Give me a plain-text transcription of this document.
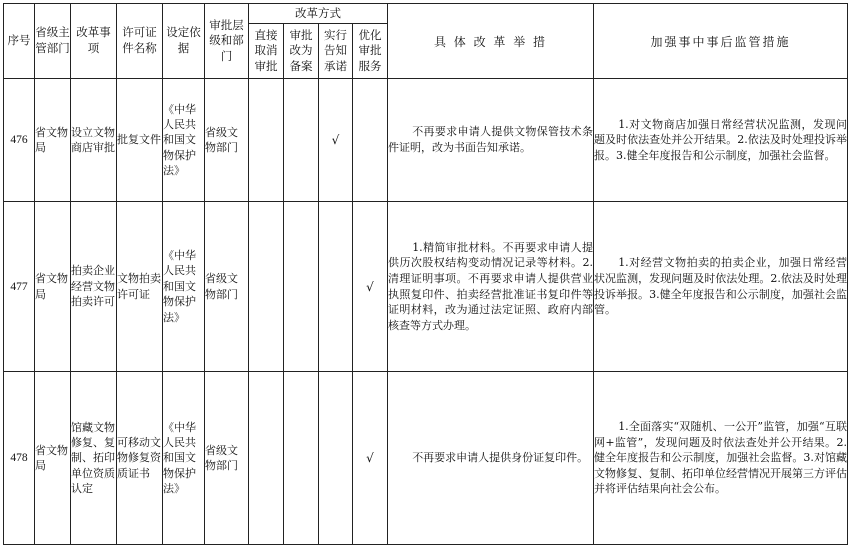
序号	省级主管部门	改革事项	许可证件名称	设定依据	审批层级和部门	改革方式				具 体 改 革 举 措	加强事中事后监管措施
						直接取消审批	审批改为备案	实行告知承诺	优化审批服务		
476	省文物局	设立文物商店审批	批复文件	《中华人民共和国文物保护法》	省级文物部门			√		不再要求申请人提供文物保管技术条件证明，改为书面告知承诺。	1.对文物商店加强日常经营状况监测，发现问题及时依法查处并公开结果。2.依法及时处理投诉举报。3.健全年度报告和公示制度，加强社会监督。
477	省文物局	拍卖企业经营文物拍卖许可	文物拍卖许可证	《中华人民共和国文物保护法》	省级文物部门				√	1.精简审批材料。不再要求申请人提供历次股权结构变动情况记录等材料。2.清理证明事项。不再要求申请人提供营业执照复印件、拍卖经营批准证书复印件等证明材料，改为通过法定证照、政府内部核查等方式办理。	1.对经营文物拍卖的拍卖企业，加强日常经营状况监测，发现问题及时依法处理。2.依法及时处理投诉举报。3.健全年度报告和公示制度，加强社会监管。
478	省文物局	馆藏文物修复、复制、拓印单位资质认定	可移动文物修复资质证书	《中华人民共和国文物保护法》	省级文物部门				√	不再要求申请人提供身份证复印件。	1.全面落实“双随机、一公开”监管，加强“互联网+监管”，发现问题及时依法查处并公开结果。2.健全年度报告和公示制度，加强社会监督。3.对馆藏文物修复、复制、拓印单位经营情况开展第三方评估并将评估结果向社会公布。
